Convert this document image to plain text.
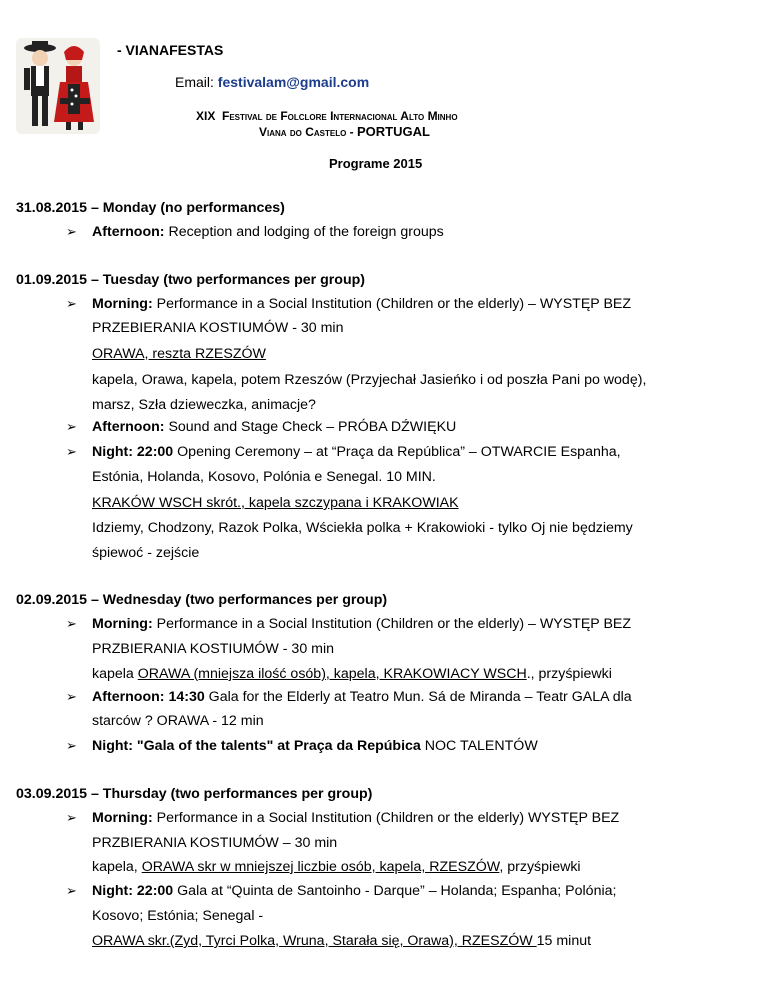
- VIANAFESTAS
Email: festivalam@gmail.com
XIX Festival de Folclore Internacional Alto Minho
Viana do Castelo - PORTUGAL
Programe 2015
31.08.2015 – Monday (no performances)
➢ Afternoon: Reception and lodging of the foreign groups
01.09.2015 – Tuesday (two performances per group)
➢ Morning: Performance in a Social Institution (Children or the elderly) – WYSTĘP BEZ
PRZEBIERANIA KOSTIUMÓW - 30 min
ORAWA, reszta RZESZÓW
kapela, Orawa, kapela, potem Rzeszów (Przyjechał Jasieńko i od poszła Pani po wodę),
marsz, Szła dzieweczka, animacje?
➢ Afternoon: Sound and Stage Check – PRÓBA DŹWIĘKU
➢ Night: 22:00 Opening Ceremony – at “Praça da República” – OTWARCIE Espanha,
Estónia, Holanda, Kosovo, Polónia e Senegal. 10 MIN.
KRAKÓW WSCH skrót., kapela szczypana i KRAKOWIAK
Idziemy, Chodzony, Razok Polka, Wściekła polka + Krakowioki - tylko Oj nie będziemy
śpiewoć - zejście
02.09.2015 – Wednesday (two performances per group)
➢ Morning: Performance in a Social Institution (Children or the elderly) – WYSTĘP BEZ
PRZBIERANIA KOSTIUMÓW - 30 min
kapela ORAWA (mniejsza ilość osób), kapela, KRAKOWIACY WSCH., przyśpiewki
➢ Afternoon: 14:30 Gala for the Elderly at Teatro Mun. Sá de Miranda – Teatr GALA dla
starców ? ORAWA - 12 min
➢ Night: "Gala of the talents" at Praça da Repúbica NOC TALENTÓW
03.09.2015 – Thursday (two performances per group)
➢ Morning: Performance in a Social Institution (Children or the elderly) WYSTĘP BEZ
PRZBIERANIA KOSTIUMÓW – 30 min
kapela, ORAWA skr w mniejszej liczbie osób, kapela, RZESZÓW, przyśpiewki
➢ Night: 22:00 Gala at “Quinta de Santoinho - Darque” – Holanda; Espanha; Polónia;
Kosovo; Estónia; Senegal -
ORAWA skr.(Zyd, Tyrci Polka, Wruna, Starała się, Orawa), RZESZÓW 15 minut
